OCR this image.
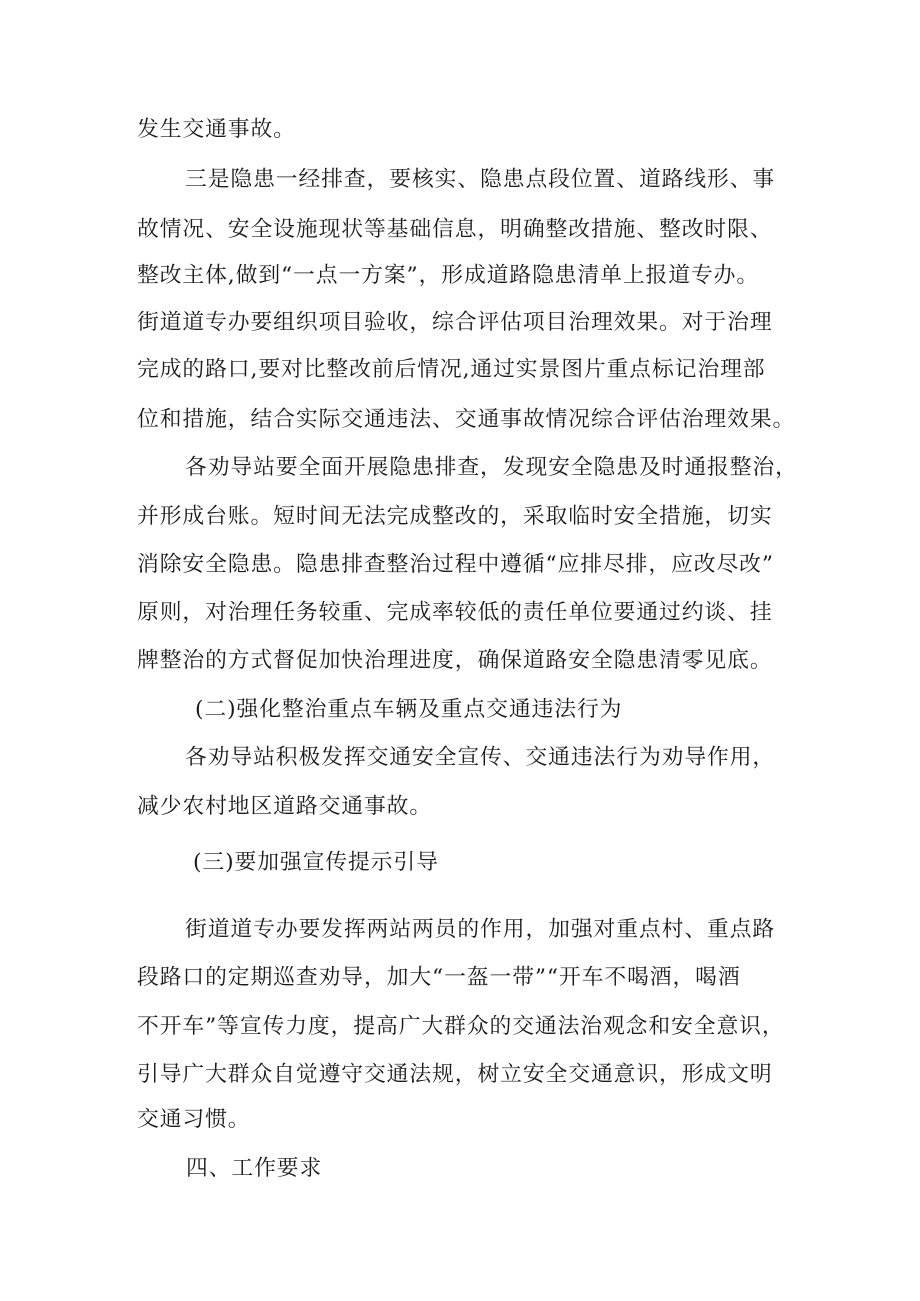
发生交通事故。
三是隐患一经排查，要核实、隐患点段位置、道路线形、事
故情况、安全设施现状等基础信息，明确整改措施、整改时限、
整改主体,做到“一点一方案”，形成道路隐患清单上报道专办。
街道道专办要组织项目验收，综合评估项目治理效果。对于治理
完成的路口,要对比整改前后情况,通过实景图片重点标记治理部
位和措施，结合实际交通违法、交通事故情况综合评估治理效果。
各劝导站要全面开展隐患排查，发现安全隐患及时通报整治，
并形成台账。短时间无法完成整改的，采取临时安全措施，切实
消除安全隐患。隐患排查整治过程中遵循“应排尽排，应改尽改”
原则，对治理任务较重、完成率较低的责任单位要通过约谈、挂
牌整治的方式督促加快治理进度，确保道路安全隐患清零见底。
(二)强化整治重点车辆及重点交通违法行为
各劝导站积极发挥交通安全宣传、交通违法行为劝导作用，
减少农村地区道路交通事故。
(三)要加强宣传提示引导
街道道专办要发挥两站两员的作用，加强对重点村、重点路
段路口的定期巡查劝导，加大“一盔一带”“开车不喝酒，喝酒
不开车”等宣传力度，提高广大群众的交通法治观念和安全意识，
引导广大群众自觉遵守交通法规，树立安全交通意识，形成文明
交通习惯。
四、工作要求
